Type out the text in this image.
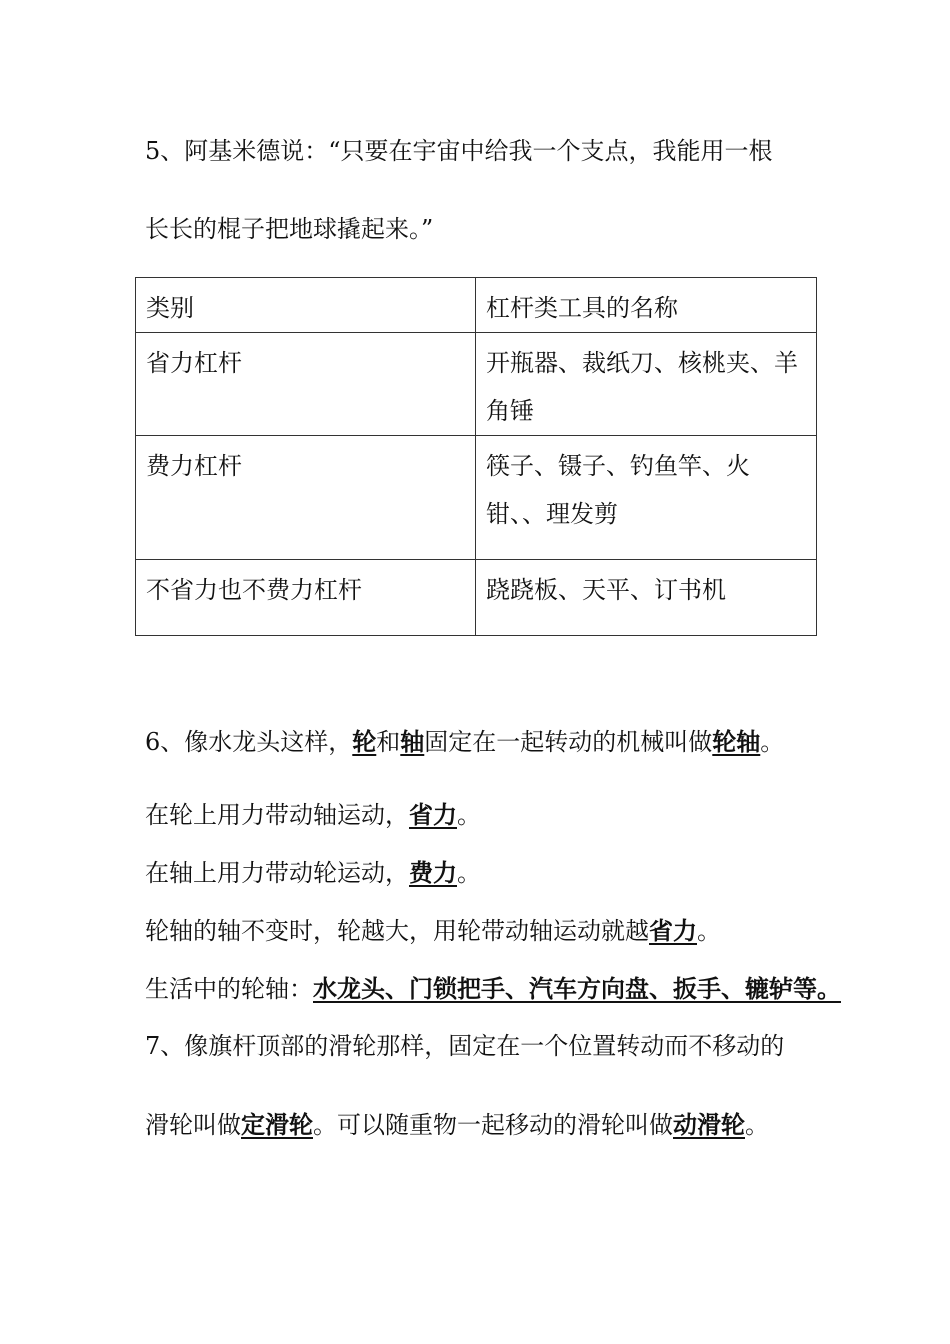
5、阿基米德说：“只要在宇宙中给我一个支点，我能用一根
长长的棍子把地球撬起来。”
类别	杠杆类工具的名称
省力杠杆	开瓶器、裁纸刀、核桃夹、羊角锤
费力杠杆	筷子、镊子、钓鱼竿、火钳、、理发剪
不省力也不费力杠杆	跷跷板、天平、订书机
6、像水龙头这样，轮和轴固定在一起转动的机械叫做轮轴。
在轮上用力带动轴运动，省力。
在轴上用力带动轮运动，费力。
轮轴的轴不变时，轮越大，用轮带动轴运动就越省力。
生活中的轮轴：水龙头、门锁把手、汽车方向盘、扳手、辘轳等。
7、像旗杆顶部的滑轮那样，固定在一个位置转动而不移动的
滑轮叫做定滑轮。可以随重物一起移动的滑轮叫做动滑轮。
